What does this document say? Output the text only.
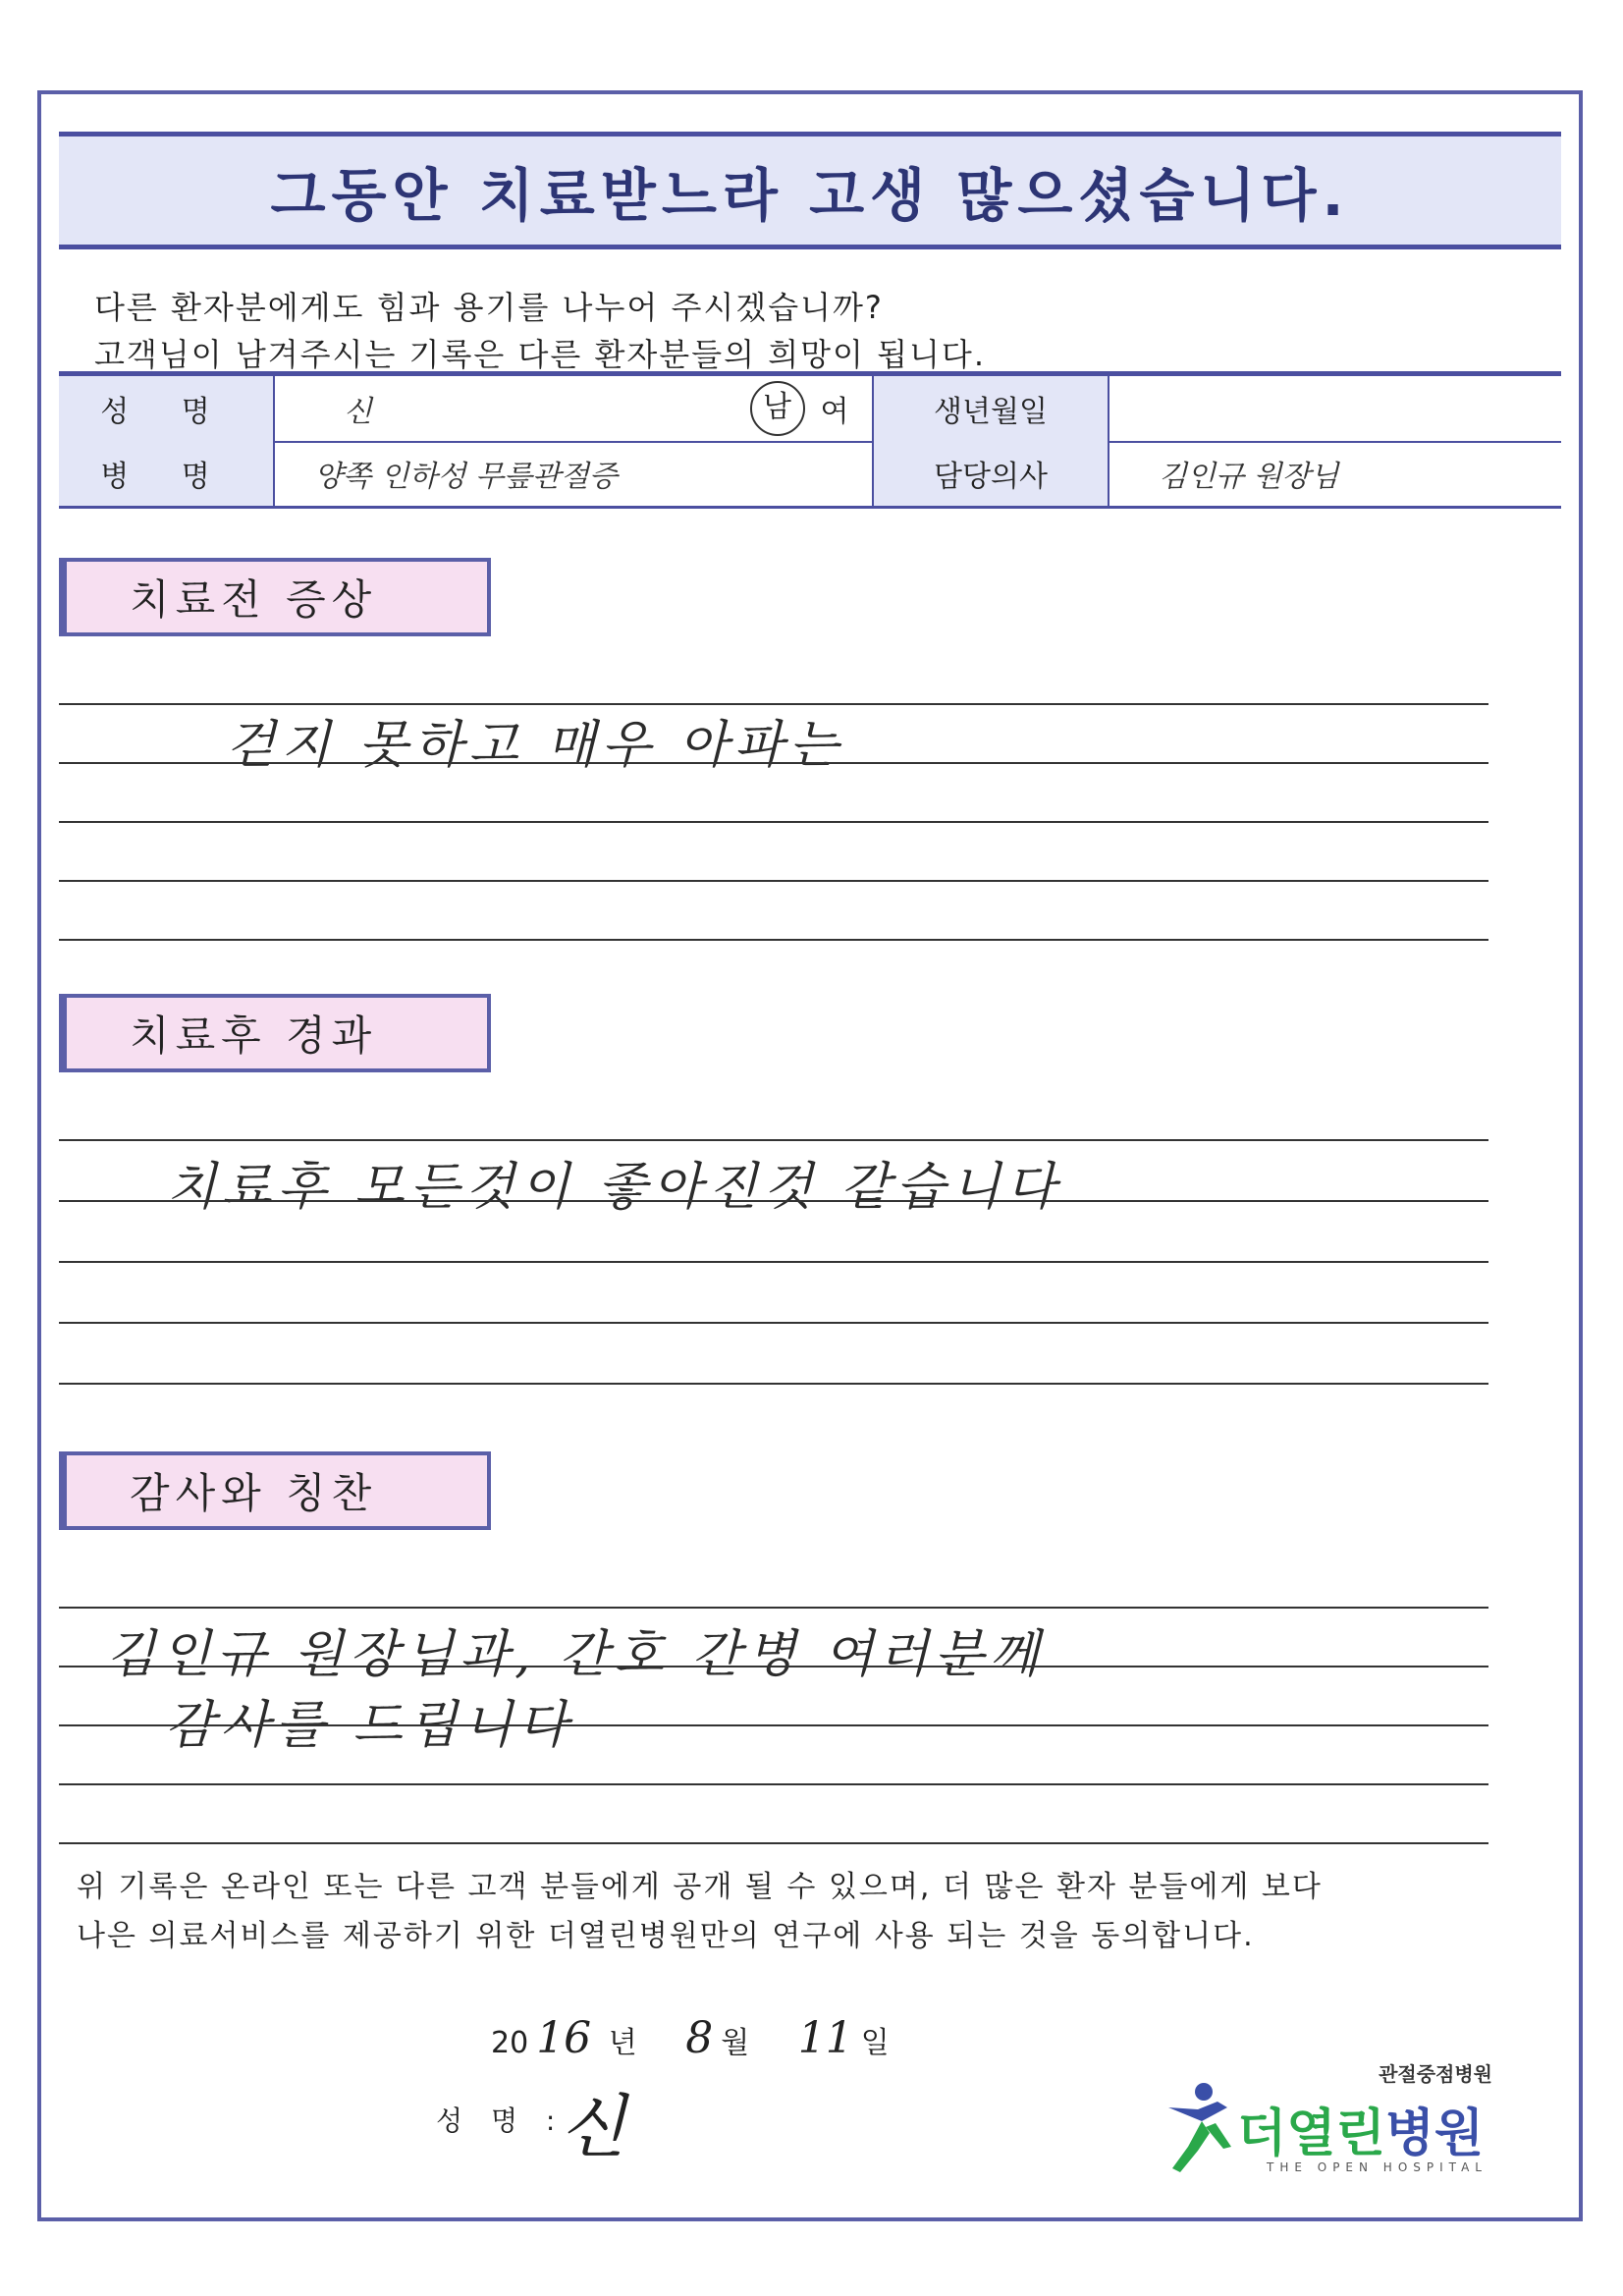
그동안 치료받느라 고생 많으셨습니다.
다른 환자분에게도 힘과 용기를 나누어 주시겠습니까?
고객님이 남겨주시는 기록은 다른 환자분들의 희망이 됩니다.
성 명	신	남 여	생년월일
병 명	양쪽 인하성 무릎관절증	담당의사	김인규 원장님
치료전 증상
걷지 못하고 매우 아파는
치료후 경과
치료후 모든것이 좋아진것 같습니다
감사와 칭찬
김인규 원장님과, 간호 간병 여러분께
감사를 드립니다
위 기록은 온라인 또는 다른 고객 분들에게 공개 될 수 있으며, 더 많은 환자 분들에게 보다
나은 의료서비스를 제공하기 위한 더열린병원만의 연구에 사용 되는 것을 동의합니다.
20 16 년 8 월 11 일
성 명 :
신
관절중점병원
더열린병원
THE OPEN HOSPITAL
